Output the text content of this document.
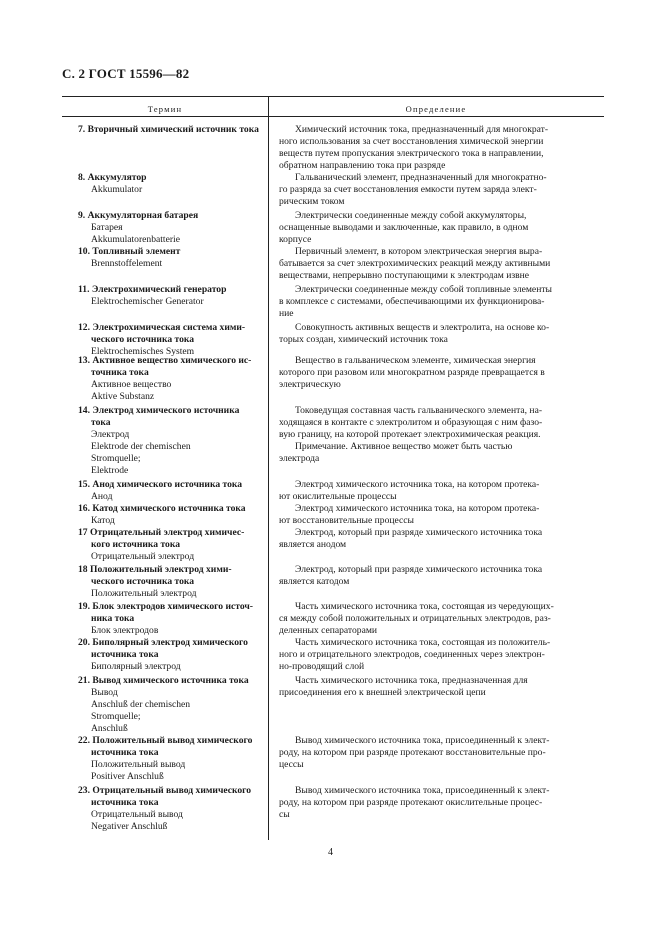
С. 2 ГОСТ 15596—82
Термин	Определение
7. Вторичный химический источник тока	Химический источник тока, предназначенный для многократ-
ного использования за счет восстановления химической энергии
веществ путем пропускания электрического тока в направлении,
обратном направлению тока при разряде
8. Аккумулятор
Akkumulator
Гальванический элемент, предназначенный для многократно-
го разряда за счет восстановления емкости путем заряда элект-
рическим током
9. Аккумуляторная батарея
Батарея
Akkumulatorenbatterie
Электрически соединенные между собой аккумуляторы,
оснащенные выводами и заключенные, как правило, в одном
корпусе
10. Топливный элемент
Brennstoffelement
Первичный элемент, в котором электрическая энергия выра-
батывается за счет электрохимических реакций между активными
веществами, непрерывно поступающими к электродам извне
11. Электрохимический генератор
Elektrochemischer Generator
Электрически соединенные между собой топливные элементы
в комплексе с системами, обеспечивающими их функционирова-
ние
12. Электрохимическая система хими-
ческого источника тока
Elektrochemisches System
Совокупность активных веществ и электролита, на основе ко-
торых создан, химический источник тока
13. Активное вещество химического ис-
точника тока
Активное вещество
Aktive Substanz
Вещество в гальваническом элементе, химическая энергия
которого при разовом или многократном разряде превращается в
электрическую
14. Электрод химического источника
тока
Электрод
Elektrode der chemischen
Stromquelle;
Elektrode
Токоведущая составная часть гальванического элемента, на-
ходящаяся в контакте с электролитом и образующая с ним фазо-
вую границу, на которой протекает электрохимическая реакция.
Примечание. Активное вещество может быть частью
электрода
15. Анод химического источника тока
Анод
Электрод химического источника тока, на котором протека-
ют окислительные процессы
16. Катод химического источника тока
Катод
Электрод химического источника тока, на котором протека-
ют восстановительные процессы
17 Отрицательный электрод химичес-
кого источника тока
Отрицательный электрод
Электрод, который при разряде химического источника тока
является анодом
18 Положительный электрод хими-
ческого источника тока
Положительный электрод
Электрод, который при разряде химического источника тока
является катодом
19. Блок электродов химического источ-
ника тока
Блок электродов
Часть химического источника тока, состоящая из чередующих-
ся между собой положительных и отрицательных электродов, раз-
деленных сепараторами
20. Биполярный электрод химического
источника тока
Биполярный электрод
Часть химического источника тока, состоящая из положитель-
ного и отрицательного электродов, соединенных через электрон-
но-проводящий слой
21. Вывод химического источника тока
Вывод
Anschluß der chemischen
Stromquelle;
Anschluß
Часть химического источника тока, предназначенная для
присоединения его к внешней электрической цепи
22. Положительный вывод химического
источника тока
Положительный вывод
Positiver Anschluß
Вывод химического источника тока, присоединенный к элект-
роду, на котором при разряде протекают восстановительные про-
цессы
23. Отрицательный вывод химического
источника тока
Отрицательный вывод
Negativer Anschluß
Вывод химического источника тока, присоединенный к элект-
роду, на котором при разряде протекают окислительные процес-
сы
4
